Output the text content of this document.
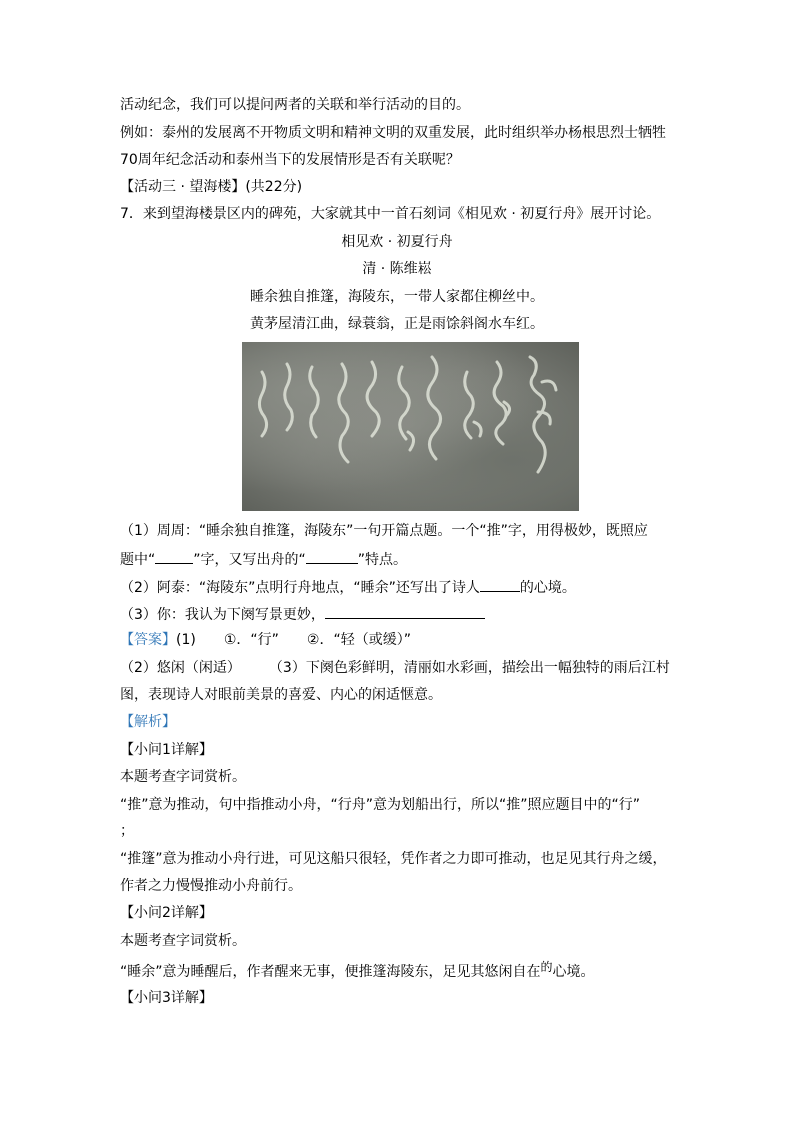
活动纪念，我们可以提问两者的关联和举行活动的目的。
例如：泰州的发展离不开物质文明和精神文明的双重发展，此时组织举办杨根思烈士牺牲
70周年纪念活动和泰州当下的发展情形是否有关联呢？
【活动三 · 望海楼】(共22分)
7．来到望海楼景区内的碑苑，大家就其中一首石刻词《相见欢 · 初夏行舟》展开讨论。
相见欢 · 初夏行舟
清 · 陈维崧
睡余独自推篷，海陵东，一带人家都住柳丝中。
黄茅屋清江曲，绿蓑翁，正是雨馀斜阁水车红。
（1）周周：“睡余独自推篷，海陵东”一句开篇点题。一个“推”字，用得极妙，既照应
题中“	”字，又写出舟的“	”特点。
（2）阿泰：“海陵东”点明行舟地点，“睡余”还写出了诗人	的心境。
（3）你：我认为下阕写景更妙，
【答案】(1)　　①．“行”　　②．“轻（或缓）”
（2）悠闲（闲适）　　　（3）下阕色彩鲜明，清丽如水彩画，描绘出一幅独特的雨后江村
图，表现诗人对眼前美景的喜爱、内心的闲适惬意。
【解析】
【小问1详解】
本题考查字词赏析。
“推”意为推动，句中指推动小舟，“行舟”意为划船出行，所以“推”照应题目中的“行”
；
“推篷”意为推动小舟行进，可见这船只很轻，凭作者之力即可推动，也足见其行舟之缓，
作者之力慢慢推动小舟前行。
【小问2详解】
本题考查字词赏析。
“睡余”意为睡醒后，作者醒来无事，便推篷海陵东，足见其悠闲自在的心境。
【小问3详解】
